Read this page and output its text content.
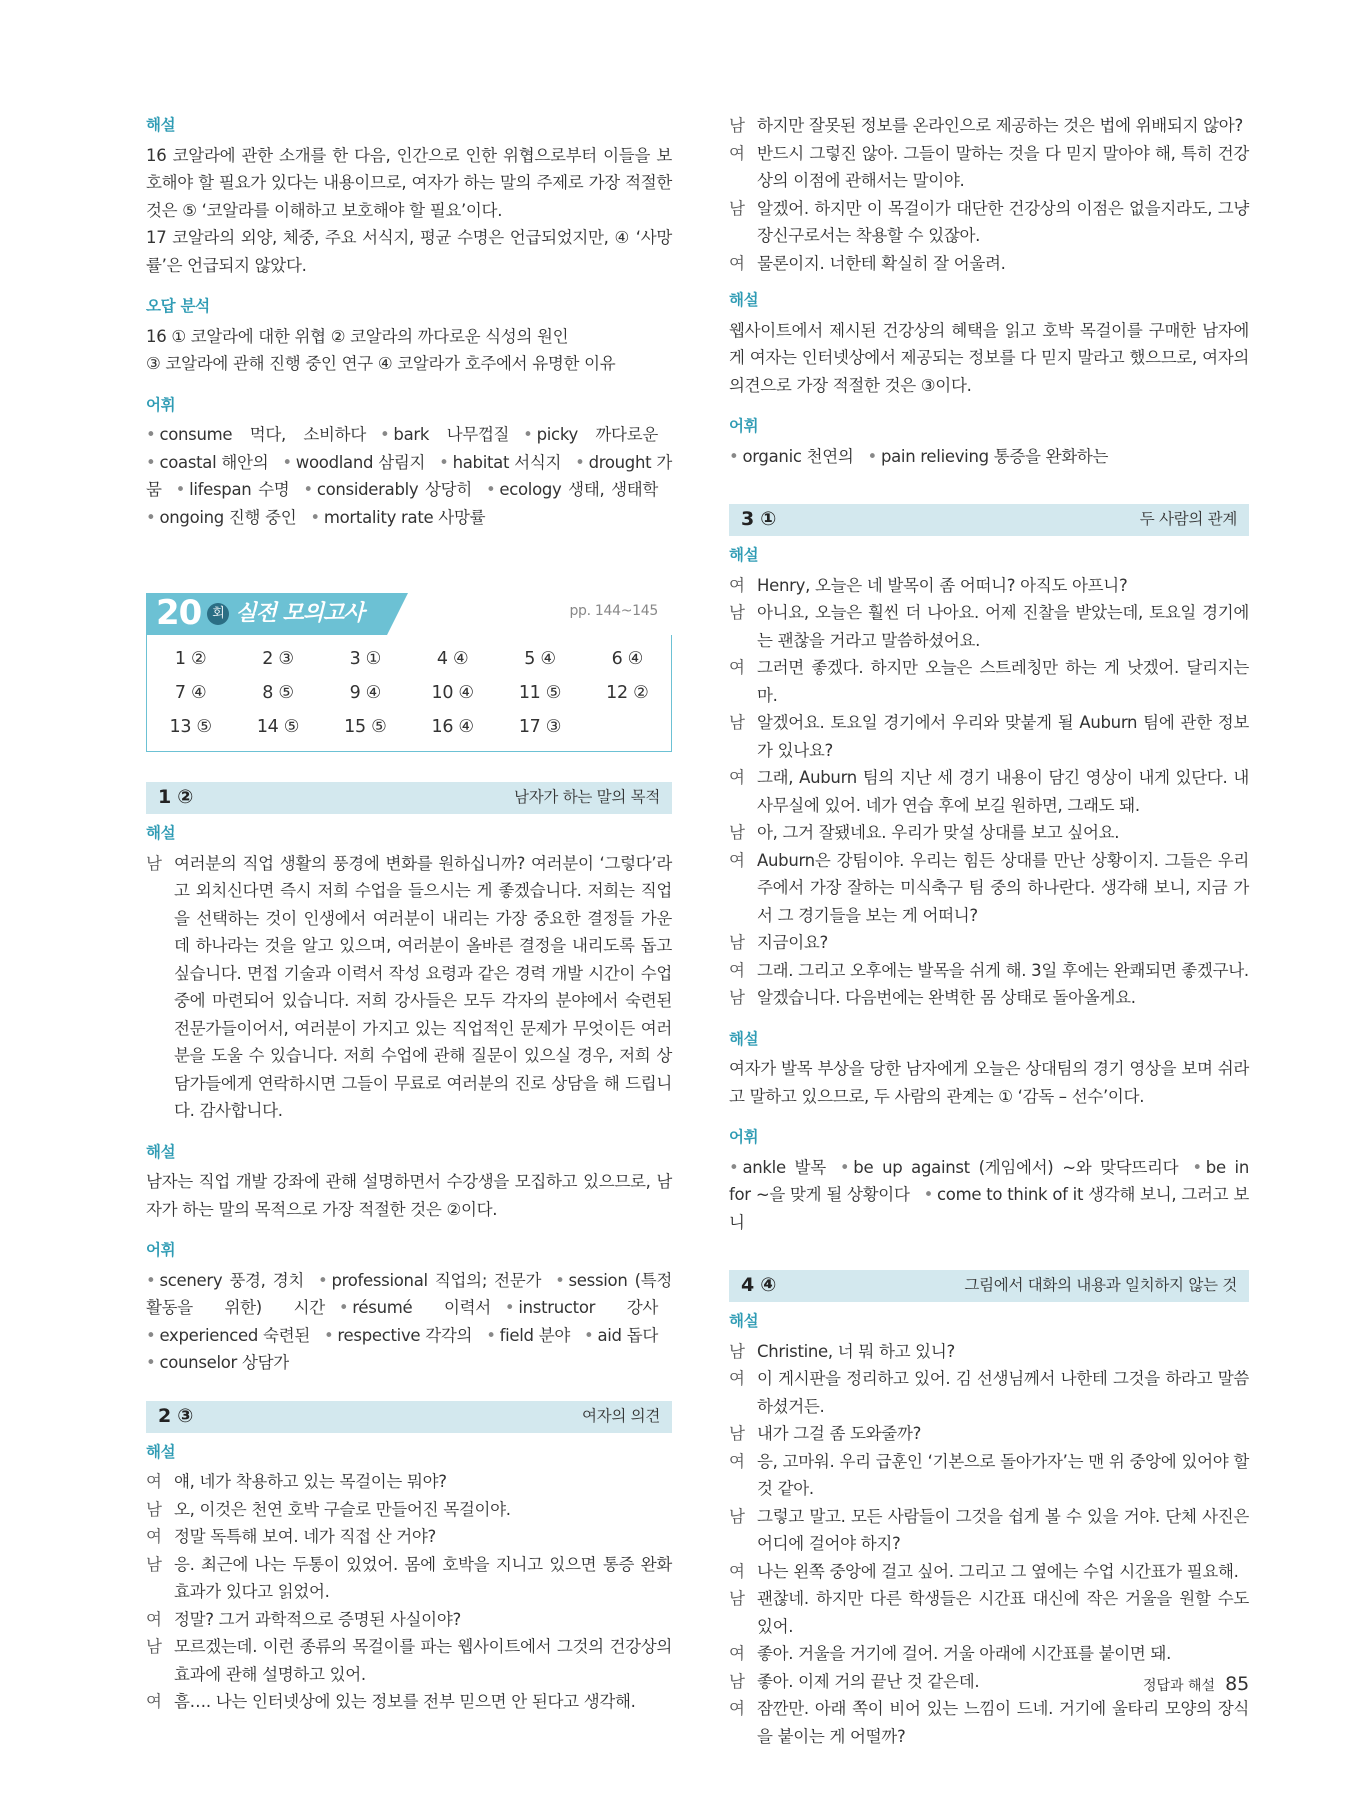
해설

16 코알라에 관한 소개를 한 다음, 인간으로 인한 위협으로부터 이들을 보호해야 할 필요가 있다는 내용이므로, 여자가 하는 말의 주제로 가장 적절한 것은 ⑤ ‘코알라를 이해하고 보호해야 할 필요’이다.

17 코알라의 외양, 체중, 주요 서식지, 평균 수명은 언급되었지만, ④ ‘사망률’은 언급되지 않았다.

오답 분석

16 ① 코알라에 대한 위협 ② 코알라의 까다로운 식성의 원인

③ 코알라에 관해 진행 중인 연구 ④ 코알라가 호주에서 유명한 이유

어휘
• consume 먹다, 소비하다 • bark 나무껍질 • picky 까다로운• coastal 해안의 • woodland 삼림지 • habitat 서식지 • drought 가뭄 • lifespan 수명 • considerably 상당히 • ecology 생태, 생태학• ongoing 진행 중인 • mortality rate 사망률
20 회 실전 모의고사	pp. 144~145
1 ②	2 ③	3 ①	4 ④	5 ④	6 ④
7 ④	8 ⑤	9 ④	10 ④	11 ⑤	12 ②
13 ⑤	14 ⑤	15 ⑤	16 ④	17 ③
1 ②	남자가 하는 말의 목적
해설
남 여러분의 직업 생활의 풍경에 변화를 원하십니까? 여러분이 ‘그렇다’라고 외치신다면 즉시 저희 수업을 들으시는 게 좋겠습니다. 저희는 직업을 선택하는 것이 인생에서 여러분이 내리는 가장 중요한 결정들 가운데 하나라는 것을 알고 있으며, 여러분이 올바른 결정을 내리도록 돕고 싶습니다. 면접 기술과 이력서 작성 요령과 같은 경력 개발 시간이 수업 중에 마련되어 있습니다. 저희 강사들은 모두 각자의 분야에서 숙련된 전문가들이어서, 여러분이 가지고 있는 직업적인 문제가 무엇이든 여러분을 도울 수 있습니다. 저희 수업에 관해 질문이 있으실 경우, 저희 상담가들에게 연락하시면 그들이 무료로 여러분의 진로 상담을 해 드립니다. 감사합니다.
해설

남자는 직업 개발 강좌에 관해 설명하면서 수강생을 모집하고 있으므로, 남자가 하는 말의 목적으로 가장 적절한 것은 ②이다.

어휘
• scenery 풍경, 경치 • professional 직업의; 전문가 • session (특정 활동을 위한) 시간 • résumé 이력서 • instructor 강사• experienced 숙련된 • respective 각각의 • field 분야 • aid 돕다• counselor 상담가
2 ③	여자의 의견
해설
여 얘, 네가 착용하고 있는 목걸이는 뭐야?
남 오, 이것은 천연 호박 구슬로 만들어진 목걸이야.
여 정말 독특해 보여. 네가 직접 산 거야?
남 응. 최근에 나는 두통이 있었어. 몸에 호박을 지니고 있으면 통증 완화 효과가 있다고 읽었어.
여 정말? 그거 과학적으로 증명된 사실이야?
남 모르겠는데. 이런 종류의 목걸이를 파는 웹사이트에서 그것의 건강상의 효과에 관해 설명하고 있어.
여 흠…. 나는 인터넷상에 있는 정보를 전부 믿으면 안 된다고 생각해.
남 하지만 잘못된 정보를 온라인으로 제공하는 것은 법에 위배되지 않아?
여 반드시 그렇진 않아. 그들이 말하는 것을 다 믿지 말아야 해, 특히 건강상의 이점에 관해서는 말이야.
남 알겠어. 하지만 이 목걸이가 대단한 건강상의 이점은 없을지라도, 그냥 장신구로서는 착용할 수 있잖아.
여 물론이지. 너한테 확실히 잘 어울려.
해설

웹사이트에서 제시된 건강상의 혜택을 읽고 호박 목걸이를 구매한 남자에게 여자는 인터넷상에서 제공되는 정보를 다 믿지 말라고 했으므로, 여자의 의견으로 가장 적절한 것은 ③이다.

어휘
• organic 천연의 • pain relieving 통증을 완화하는
3 ①	두 사람의 관계
해설
여 Henry, 오늘은 네 발목이 좀 어떠니? 아직도 아프니?
남 아니요, 오늘은 훨씬 더 나아요. 어제 진찰을 받았는데, 토요일 경기에는 괜찮을 거라고 말씀하셨어요.
여 그러면 좋겠다. 하지만 오늘은 스트레칭만 하는 게 낫겠어. 달리지는 마.
남 알겠어요. 토요일 경기에서 우리와 맞붙게 될 Auburn 팀에 관한 정보가 있나요?
여 그래, Auburn 팀의 지난 세 경기 내용이 담긴 영상이 내게 있단다. 내 사무실에 있어. 네가 연습 후에 보길 원하면, 그래도 돼.
남 아, 그거 잘됐네요. 우리가 맞설 상대를 보고 싶어요.
여 Auburn은 강팀이야. 우리는 힘든 상대를 만난 상황이지. 그들은 우리 주에서 가장 잘하는 미식축구 팀 중의 하나란다. 생각해 보니, 지금 가서 그 경기들을 보는 게 어떠니?
남 지금이요?
여 그래. 그리고 오후에는 발목을 쉬게 해. 3일 후에는 완쾌되면 좋겠구나.
남 알겠습니다. 다음번에는 완벽한 몸 상태로 돌아올게요.
해설

여자가 발목 부상을 당한 남자에게 오늘은 상대팀의 경기 영상을 보며 쉬라고 말하고 있으므로, 두 사람의 관계는 ① ‘감독 – 선수’이다.

어휘
• ankle 발목 • be up against (게임에서) ~와 맞닥뜨리다 • be in for ~을 맞게 될 상황이다 • come to think of it 생각해 보니, 그러고 보니
4 ④	그림에서 대화의 내용과 일치하지 않는 것
해설
남 Christine, 너 뭐 하고 있니?
여 이 게시판을 정리하고 있어. 김 선생님께서 나한테 그것을 하라고 말씀하셨거든.
남 내가 그걸 좀 도와줄까?
여 응, 고마워. 우리 급훈인 ‘기본으로 돌아가자’는 맨 위 중앙에 있어야 할 것 같아.
남 그렇고 말고. 모든 사람들이 그것을 쉽게 볼 수 있을 거야. 단체 사진은 어디에 걸어야 하지?
여 나는 왼쪽 중앙에 걸고 싶어. 그리고 그 옆에는 수업 시간표가 필요해.
남 괜찮네. 하지만 다른 학생들은 시간표 대신에 작은 거울을 원할 수도 있어.
여 좋아. 거울을 거기에 걸어. 거울 아래에 시간표를 붙이면 돼.
남 좋아. 이제 거의 끝난 것 같은데.
여 잠깐만. 아래 쪽이 비어 있는 느낌이 드네. 거기에 울타리 모양의 장식을 붙이는 게 어떨까?
정답과 해설 85
